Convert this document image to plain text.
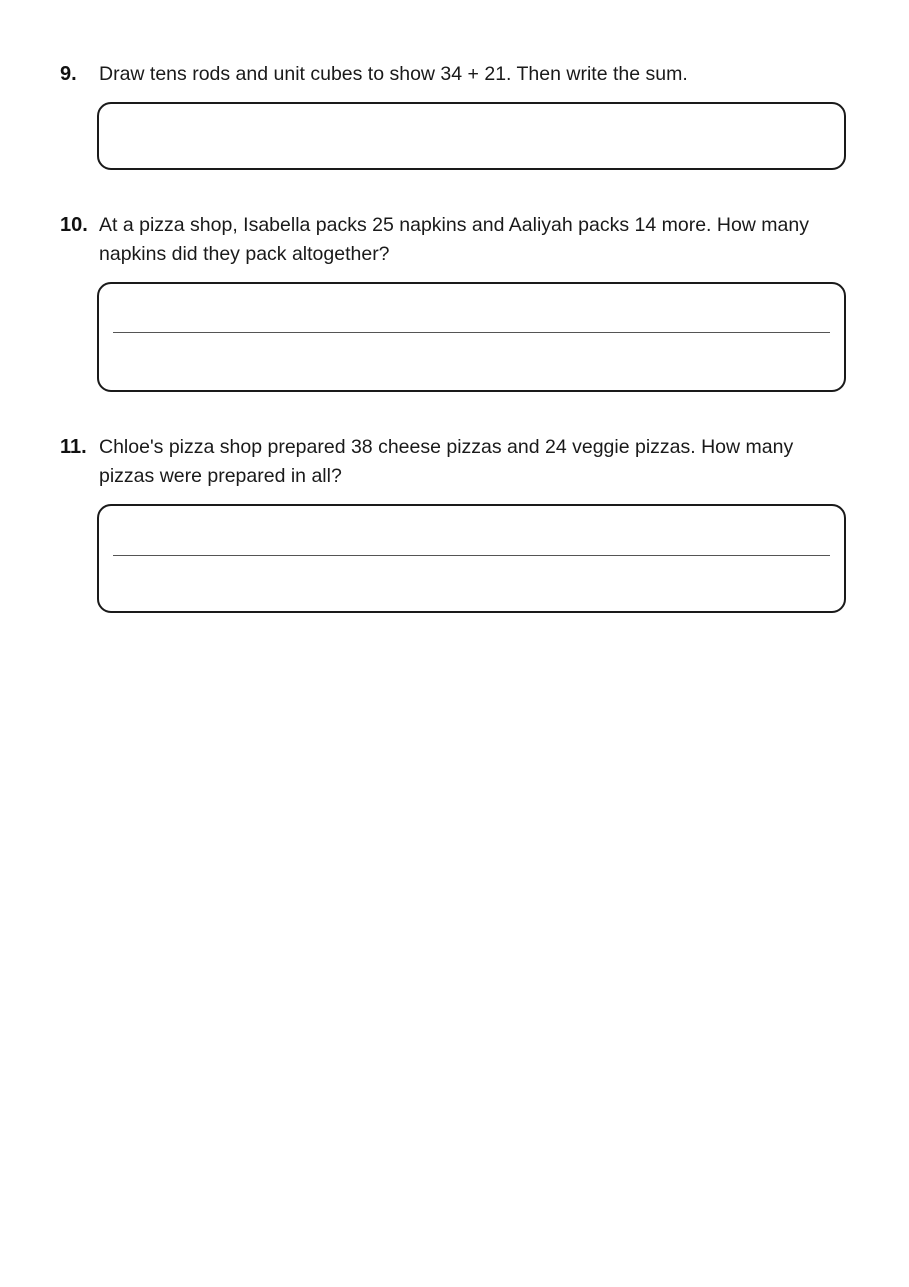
9.	Draw tens rods and unit cubes to show 34 + 21. Then write the sum.
10. At a pizza shop, Isabella packs 25 napkins and Aaliyah packs 14 more. How many napkins did they pack altogether?
11. Chloe's pizza shop prepared 38 cheese pizzas and 24 veggie pizzas. How many pizzas were prepared in all?
